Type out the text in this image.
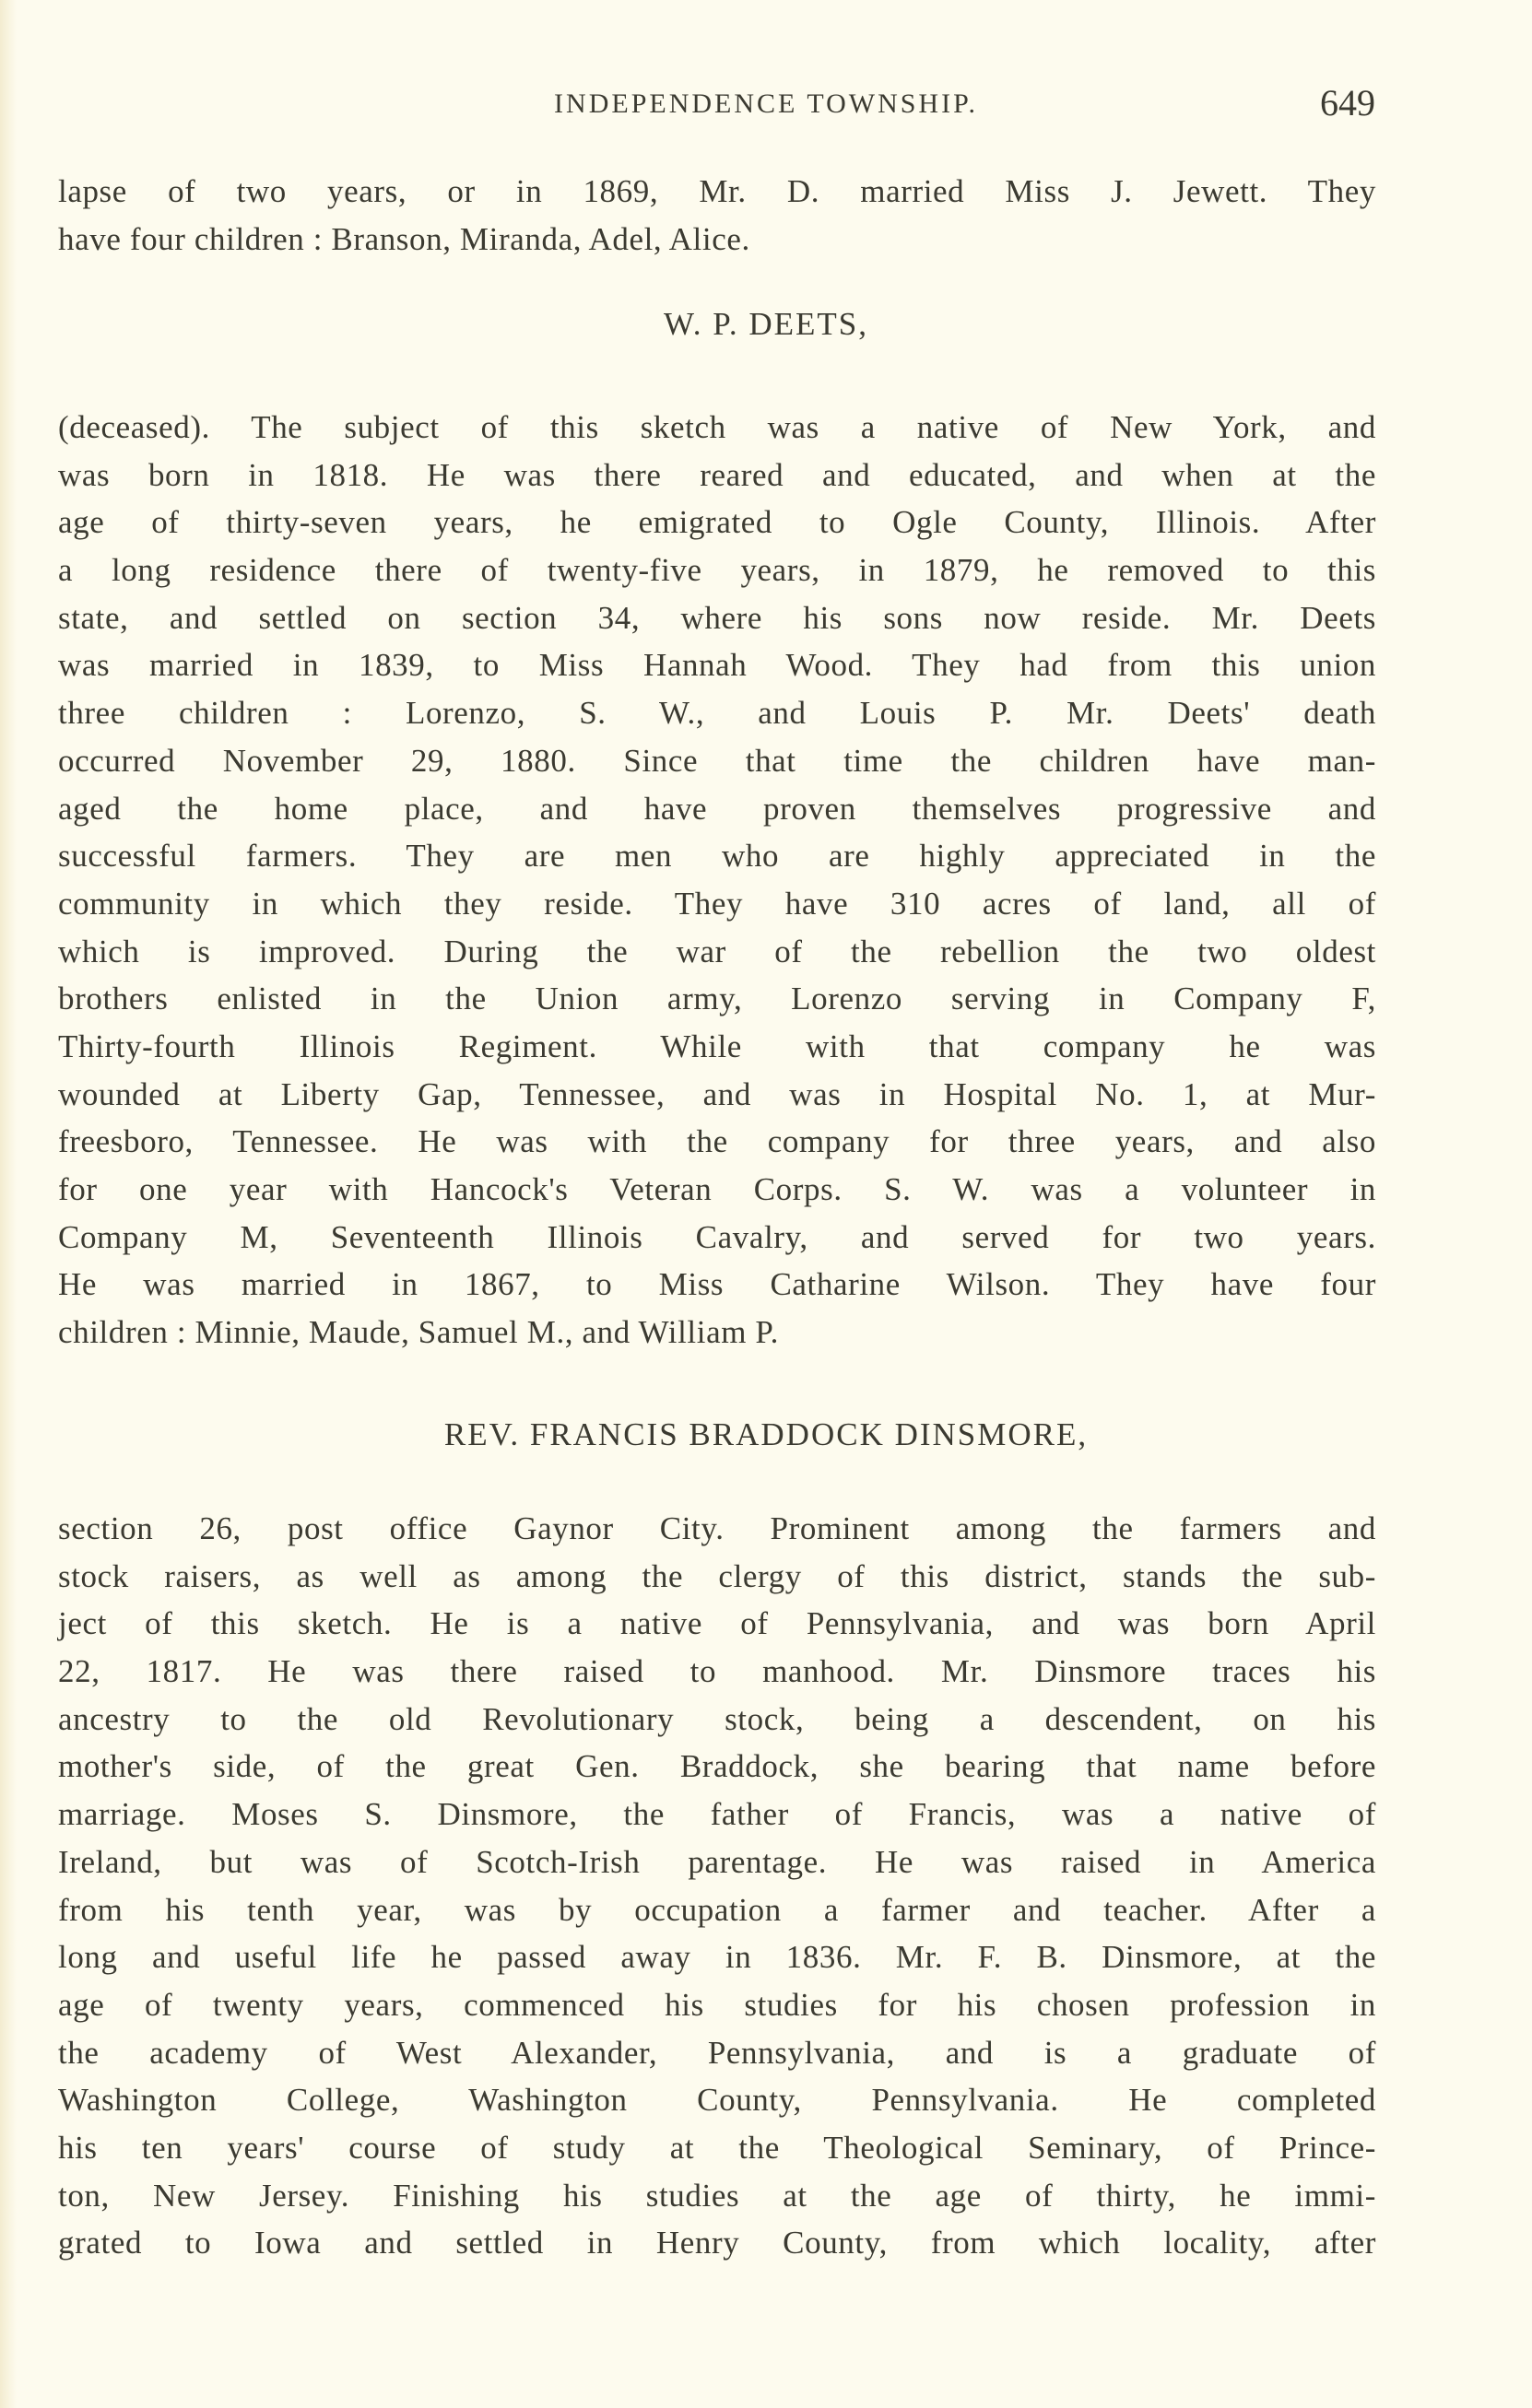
INDEPENDENCE TOWNSHIP.	649
lapse of two years, or in 1869, Mr. D. married Miss J. Jewett. They
have four children : Branson, Miranda, Adel, Alice.
W. P. DEETS,
(deceased). The subject of this sketch was a native of New York, and
was born in 1818. He was there reared and educated, and when at the
age of thirty-seven years, he emigrated to Ogle County, Illinois. After
a long residence there of twenty-five years, in 1879, he removed to this
state, and settled on section 34, where his sons now reside. Mr. Deets
was married in 1839, to Miss Hannah Wood. They had from this union
three children : Lorenzo, S. W., and Louis P. Mr. Deets' death
occurred November 29, 1880. Since that time the children have man-
aged the home place, and have proven themselves progressive and
successful farmers. They are men who are highly appreciated in the
community in which they reside. They have 310 acres of land, all of
which is improved. During the war of the rebellion the two oldest
brothers enlisted in the Union army, Lorenzo serving in Company F,
Thirty-fourth Illinois Regiment. While with that company he was
wounded at Liberty Gap, Tennessee, and was in Hospital No. 1, at Mur-
freesboro, Tennessee. He was with the company for three years, and also
for one year with Hancock's Veteran Corps. S. W. was a volunteer in
Company M, Seventeenth Illinois Cavalry, and served for two years.
He was married in 1867, to Miss Catharine Wilson. They have four
children : Minnie, Maude, Samuel M., and William P.
REV. FRANCIS BRADDOCK DINSMORE,
section 26, post office Gaynor City. Prominent among the farmers and
stock raisers, as well as among the clergy of this district, stands the sub-
ject of this sketch. He is a native of Pennsylvania, and was born April
22, 1817. He was there raised to manhood. Mr. Dinsmore traces his
ancestry to the old Revolutionary stock, being a descendent, on his
mother's side, of the great Gen. Braddock, she bearing that name before
marriage. Moses S. Dinsmore, the father of Francis, was a native of
Ireland, but was of Scotch-Irish parentage. He was raised in America
from his tenth year, was by occupation a farmer and teacher. After a
long and useful life he passed away in 1836. Mr. F. B. Dinsmore, at the
age of twenty years, commenced his studies for his chosen profession in
the academy of West Alexander, Pennsylvania, and is a graduate of
Washington College, Washington County, Pennsylvania. He completed
his ten years' course of study at the Theological Seminary, of Prince-
ton, New Jersey. Finishing his studies at the age of thirty, he immi-
grated to Iowa and settled in Henry County, from which locality, after
